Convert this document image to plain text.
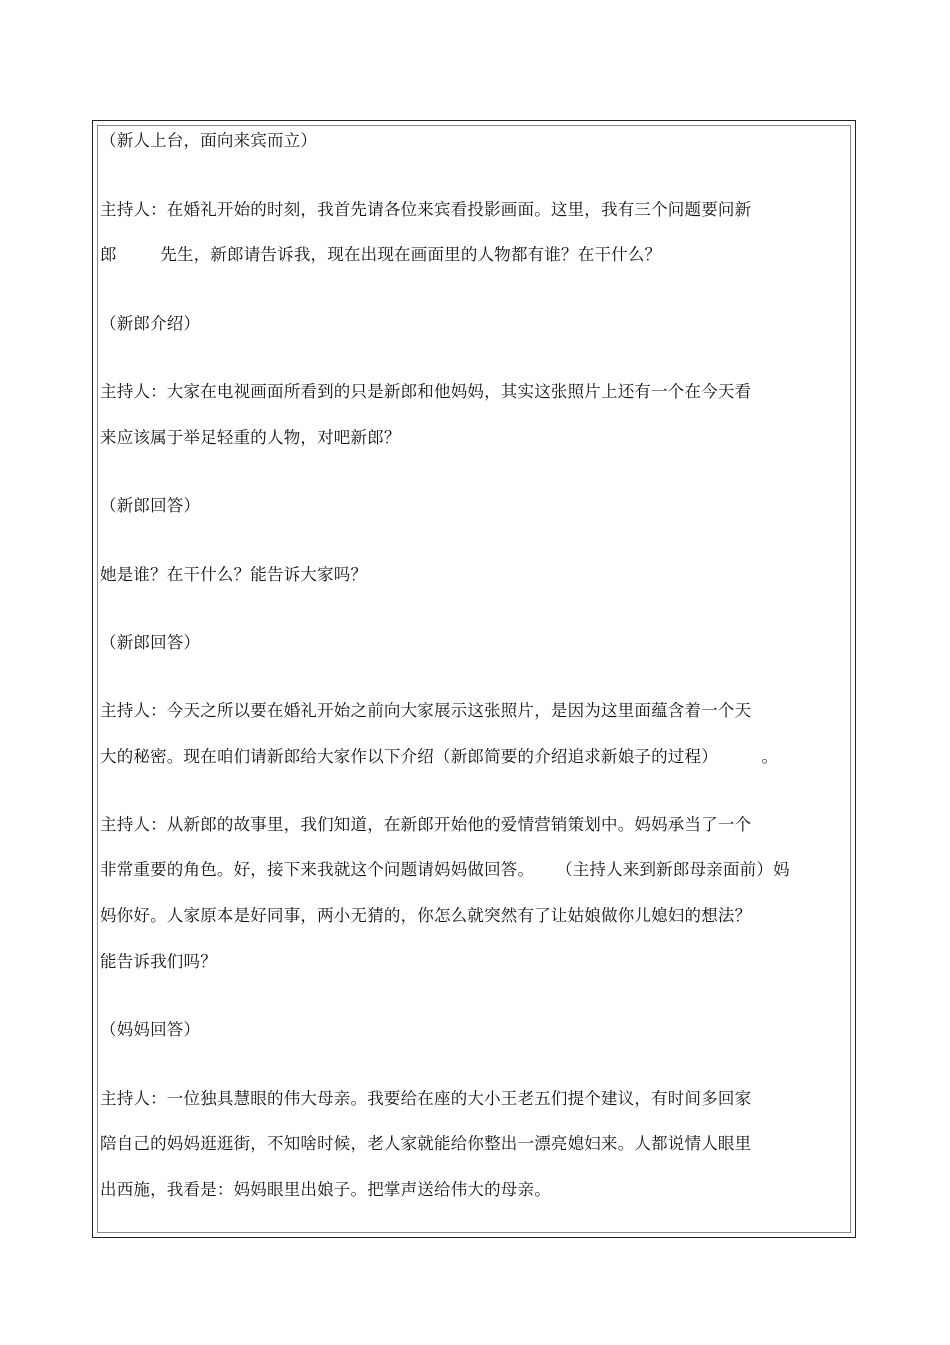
（新人上台，面向来宾而立）
主持人：在婚礼开始的时刻，我首先请各位来宾看投影画面。这里，我有三个问题要问新
郎        先生，新郎请告诉我，现在出现在画面里的人物都有谁？在干什么？
（新郎介绍）
主持人：大家在电视画面所看到的只是新郎和他妈妈，其实这张照片上还有一个在今天看
来应该属于举足轻重的人物，对吧新郎？
（新郎回答）
她是谁？在干什么？能告诉大家吗？
（新郎回答）
主持人：今天之所以要在婚礼开始之前向大家展示这张照片，是因为这里面蕴含着一个天
大的秘密。现在咱们请新郎给大家作以下介绍（新郎简要的介绍追求新娘子的过程）        。
主持人：从新郎的故事里，我们知道，在新郎开始他的爱情营销策划中。妈妈承当了一个
非常重要的角色。好，接下来我就这个问题请妈妈做回答。    （主持人来到新郎母亲面前）妈
妈你好。人家原本是好同事，两小无猜的，你怎么就突然有了让姑娘做你儿媳妇的想法？
能告诉我们吗？
（妈妈回答）
主持人：一位独具慧眼的伟大母亲。我要给在座的大小王老五们提个建议，有时间多回家
陪自己的妈妈逛逛街，不知啥时候，老人家就能给你整出一漂亮媳妇来。人都说情人眼里
出西施，我看是：妈妈眼里出娘子。把掌声送给伟大的母亲。
